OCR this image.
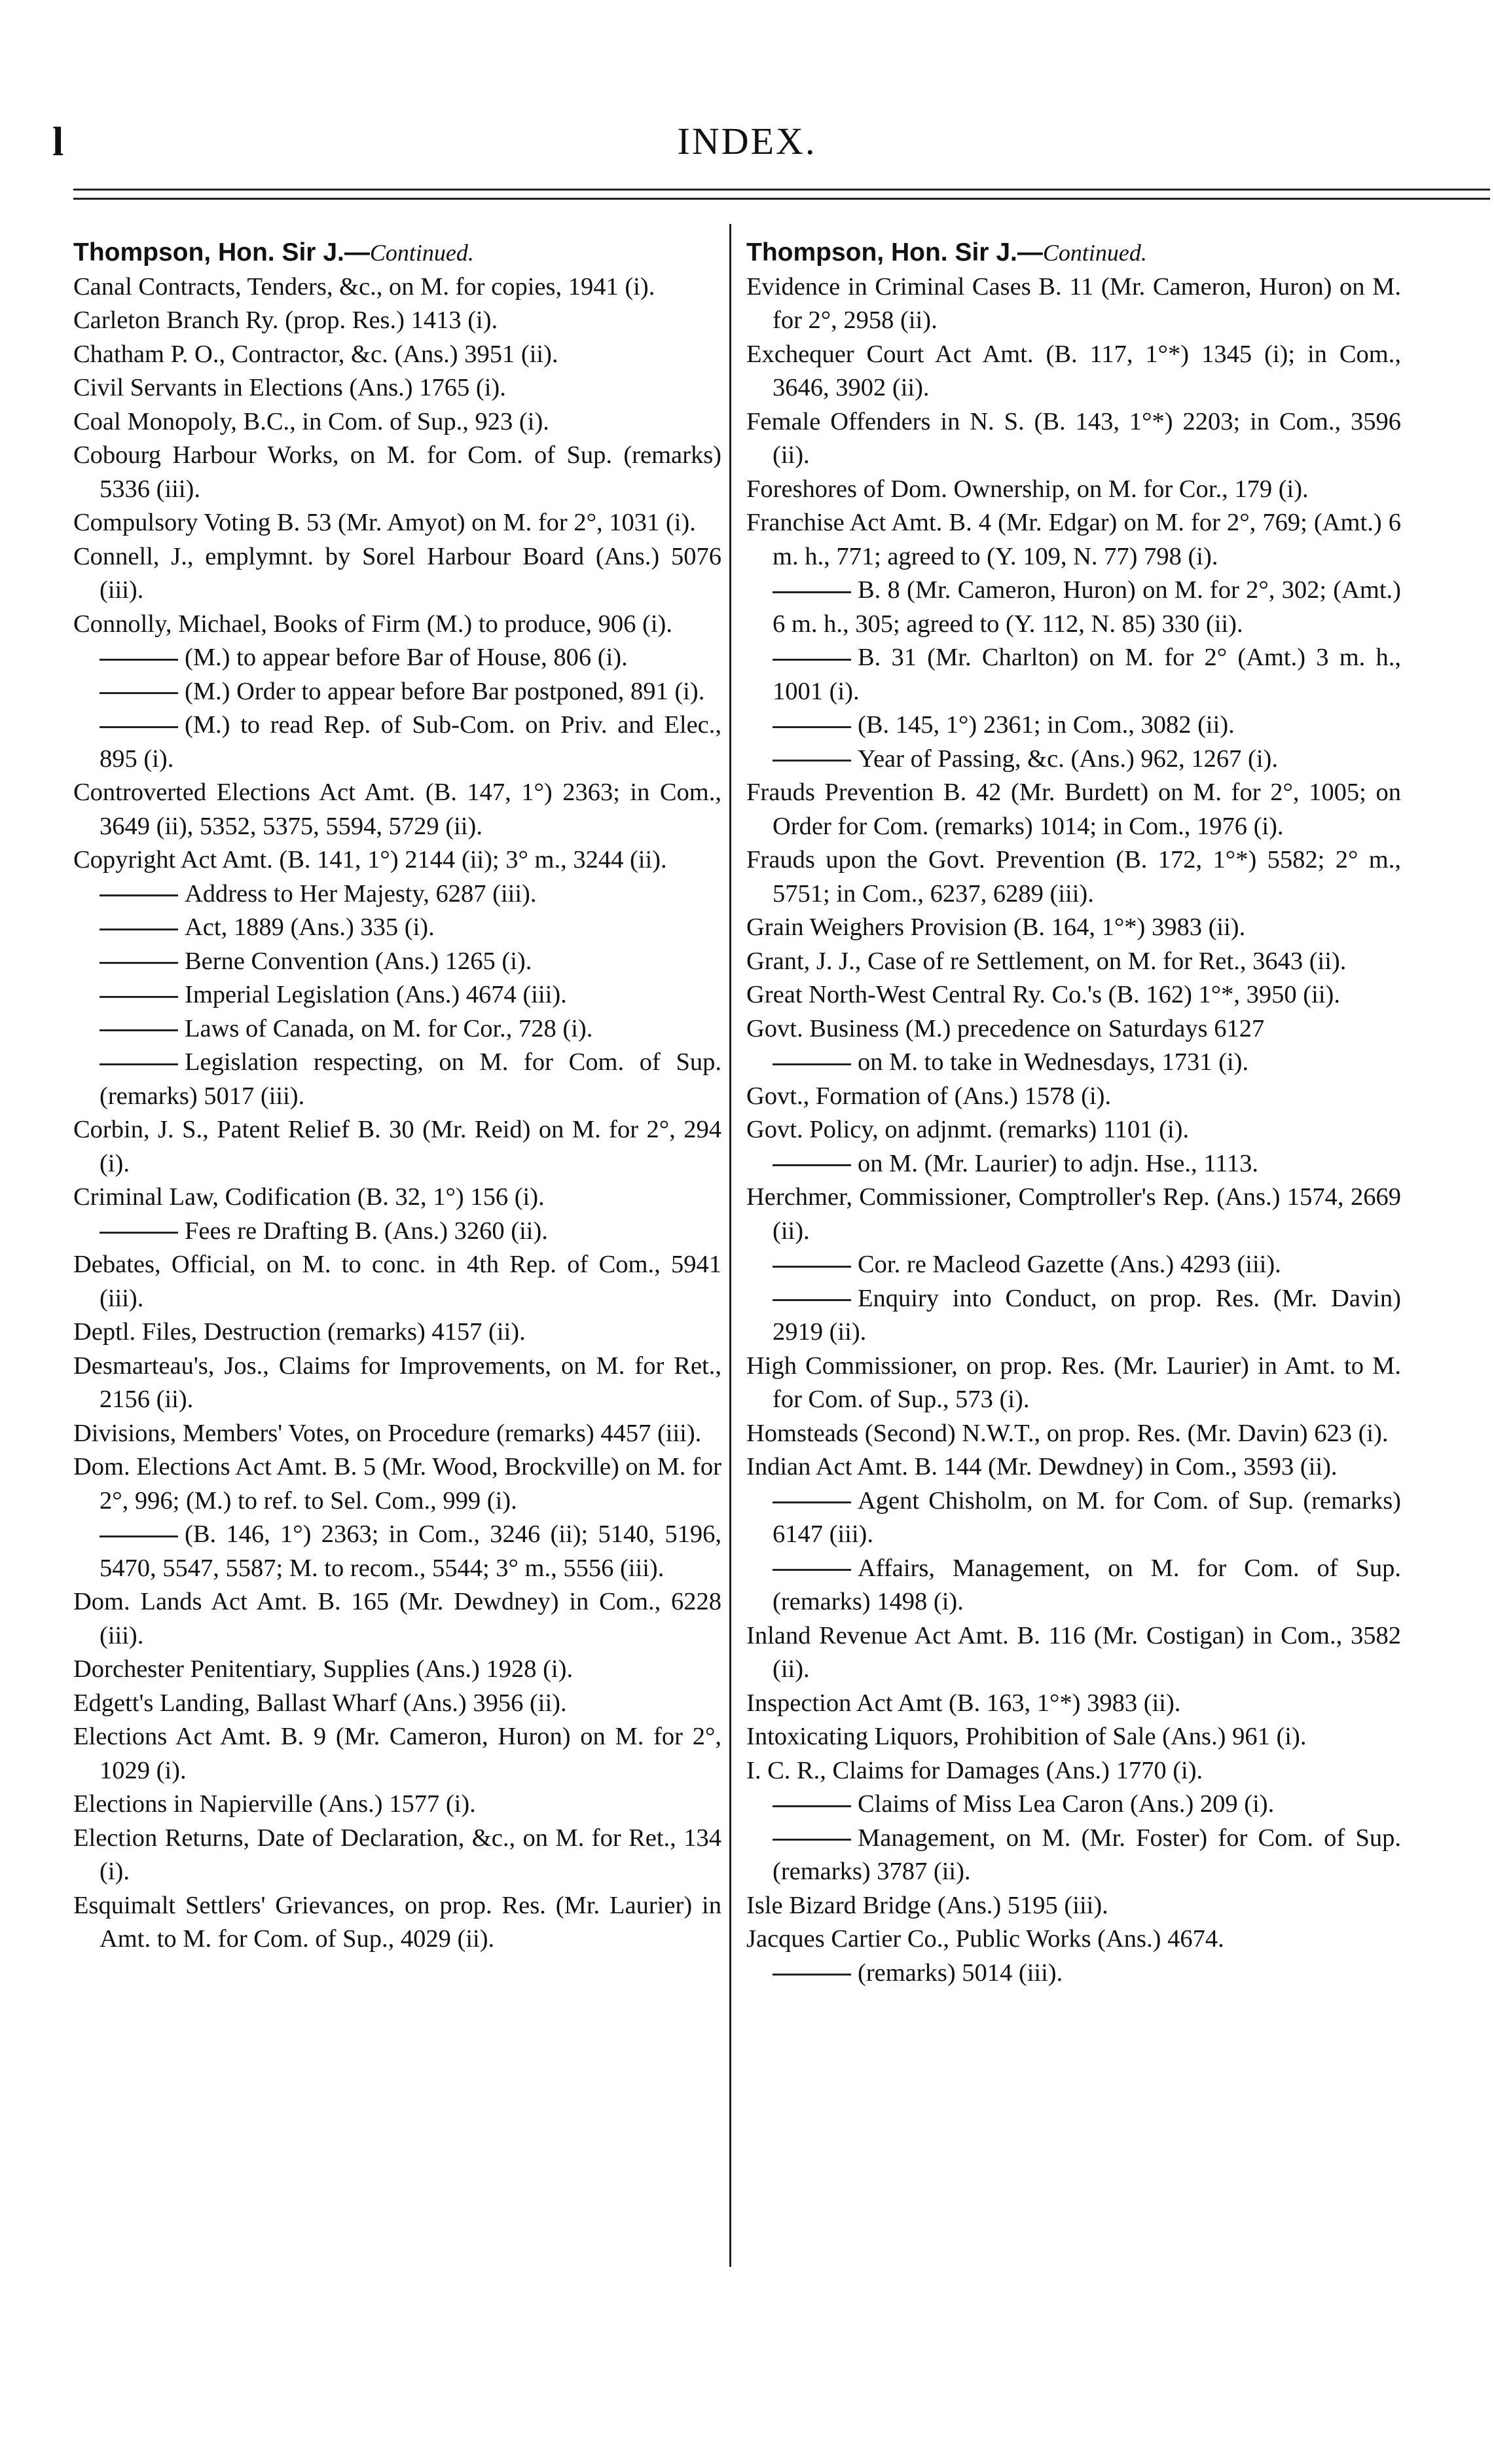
l	INDEX.

Thompson, Hon. Sir J.—Continued.

Canal Contracts, Tenders, &c., on M. for copies, 1941 (i).

Carleton Branch Ry. (prop. Res.) 1413 (i).

Chatham P. O., Contractor, &c. (Ans.) 3951 (ii).

Civil Servants in Elections (Ans.) 1765 (i).

Coal Monopoly, B.C., in Com. of Sup., 923 (i).

Cobourg Harbour Works, on M. for Com. of Sup. (remarks) 5336 (iii).

Compulsory Voting B. 53 (Mr. Amyot) on M. for 2°, 1031 (i).

Connell, J., emplymnt. by Sorel Harbour Board (Ans.) 5076 (iii).

Connolly, Michael, Books of Firm (M.) to produce, 906 (i).

(M.) to appear before Bar of House, 806 (i).

(M.) Order to appear before Bar postponed, 891 (i).

(M.) to read Rep. of Sub-Com. on Priv. and Elec., 895 (i).

Controverted Elections Act Amt. (B. 147, 1°) 2363; in Com., 3649 (ii), 5352, 5375, 5594, 5729 (ii).

Copyright Act Amt. (B. 141, 1°) 2144 (ii); 3° m., 3244 (ii).

Address to Her Majesty, 6287 (iii).

Act, 1889 (Ans.) 335 (i).

Berne Convention (Ans.) 1265 (i).

Imperial Legislation (Ans.) 4674 (iii).

Laws of Canada, on M. for Cor., 728 (i).

Legislation respecting, on M. for Com. of Sup. (remarks) 5017 (iii).

Corbin, J. S., Patent Relief B. 30 (Mr. Reid) on M. for 2°, 294 (i).

Criminal Law, Codification (B. 32, 1°) 156 (i).

Fees re Drafting B. (Ans.) 3260 (ii).

Debates, Official, on M. to conc. in 4th Rep. of Com., 5941 (iii).

Deptl. Files, Destruction (remarks) 4157 (ii).

Desmarteau's, Jos., Claims for Improvements, on M. for Ret., 2156 (ii).

Divisions, Members' Votes, on Procedure (remarks) 4457 (iii).

Dom. Elections Act Amt. B. 5 (Mr. Wood, Brockville) on M. for 2°, 996; (M.) to ref. to Sel. Com., 999 (i).

(B. 146, 1°) 2363; in Com., 3246 (ii); 5140, 5196, 5470, 5547, 5587; M. to recom., 5544; 3° m., 5556 (iii).

Dom. Lands Act Amt. B. 165 (Mr. Dewdney) in Com., 6228 (iii).

Dorchester Penitentiary, Supplies (Ans.) 1928 (i).

Edgett's Landing, Ballast Wharf (Ans.) 3956 (ii).

Elections Act Amt. B. 9 (Mr. Cameron, Huron) on M. for 2°, 1029 (i).

Elections in Napierville (Ans.) 1577 (i).

Election Returns, Date of Declaration, &c., on M. for Ret., 134 (i).

Esquimalt Settlers' Grievances, on prop. Res. (Mr. Laurier) in Amt. to M. for Com. of Sup., 4029 (ii).

Thompson, Hon. Sir J.—Continued.

Evidence in Criminal Cases B. 11 (Mr. Cameron, Huron) on M. for 2°, 2958 (ii).

Exchequer Court Act Amt. (B. 117, 1°*) 1345 (i); in Com., 3646, 3902 (ii).

Female Offenders in N. S. (B. 143, 1°*) 2203; in Com., 3596 (ii).

Foreshores of Dom. Ownership, on M. for Cor., 179 (i).

Franchise Act Amt. B. 4 (Mr. Edgar) on M. for 2°, 769; (Amt.) 6 m. h., 771; agreed to (Y. 109, N. 77) 798 (i).

B. 8 (Mr. Cameron, Huron) on M. for 2°, 302; (Amt.) 6 m. h., 305; agreed to (Y. 112, N. 85) 330 (ii).

B. 31 (Mr. Charlton) on M. for 2° (Amt.) 3 m. h., 1001 (i).

(B. 145, 1°) 2361; in Com., 3082 (ii).

Year of Passing, &c. (Ans.) 962, 1267 (i).

Frauds Prevention B. 42 (Mr. Burdett) on M. for 2°, 1005; on Order for Com. (remarks) 1014; in Com., 1976 (i).

Frauds upon the Govt. Prevention (B. 172, 1°*) 5582; 2° m., 5751; in Com., 6237, 6289 (iii).

Grain Weighers Provision (B. 164, 1°*) 3983 (ii).

Grant, J. J., Case of re Settlement, on M. for Ret., 3643 (ii).

Great North-West Central Ry. Co.'s (B. 162) 1°*, 3950 (ii).

Govt. Business (M.) precedence on Saturdays 6127

on M. to take in Wednesdays, 1731 (i).

Govt., Formation of (Ans.) 1578 (i).

Govt. Policy, on adjnmt. (remarks) 1101 (i).

on M. (Mr. Laurier) to adjn. Hse., 1113.

Herchmer, Commissioner, Comptroller's Rep. (Ans.) 1574, 2669 (ii).

Cor. re Macleod Gazette (Ans.) 4293 (iii).

Enquiry into Conduct, on prop. Res. (Mr. Davin) 2919 (ii).

High Commissioner, on prop. Res. (Mr. Laurier) in Amt. to M. for Com. of Sup., 573 (i).

Homsteads (Second) N.W.T., on prop. Res. (Mr. Davin) 623 (i).

Indian Act Amt. B. 144 (Mr. Dewdney) in Com., 3593 (ii).

Agent Chisholm, on M. for Com. of Sup. (remarks) 6147 (iii).

Affairs, Management, on M. for Com. of Sup. (remarks) 1498 (i).

Inland Revenue Act Amt. B. 116 (Mr. Costigan) in Com., 3582 (ii).

Inspection Act Amt (B. 163, 1°*) 3983 (ii).

Intoxicating Liquors, Prohibition of Sale (Ans.) 961 (i).

I. C. R., Claims for Damages (Ans.) 1770 (i).

Claims of Miss Lea Caron (Ans.) 209 (i).

Management, on M. (Mr. Foster) for Com. of Sup. (remarks) 3787 (ii).

Isle Bizard Bridge (Ans.) 5195 (iii).

Jacques Cartier Co., Public Works (Ans.) 4674.

(remarks) 5014 (iii).
